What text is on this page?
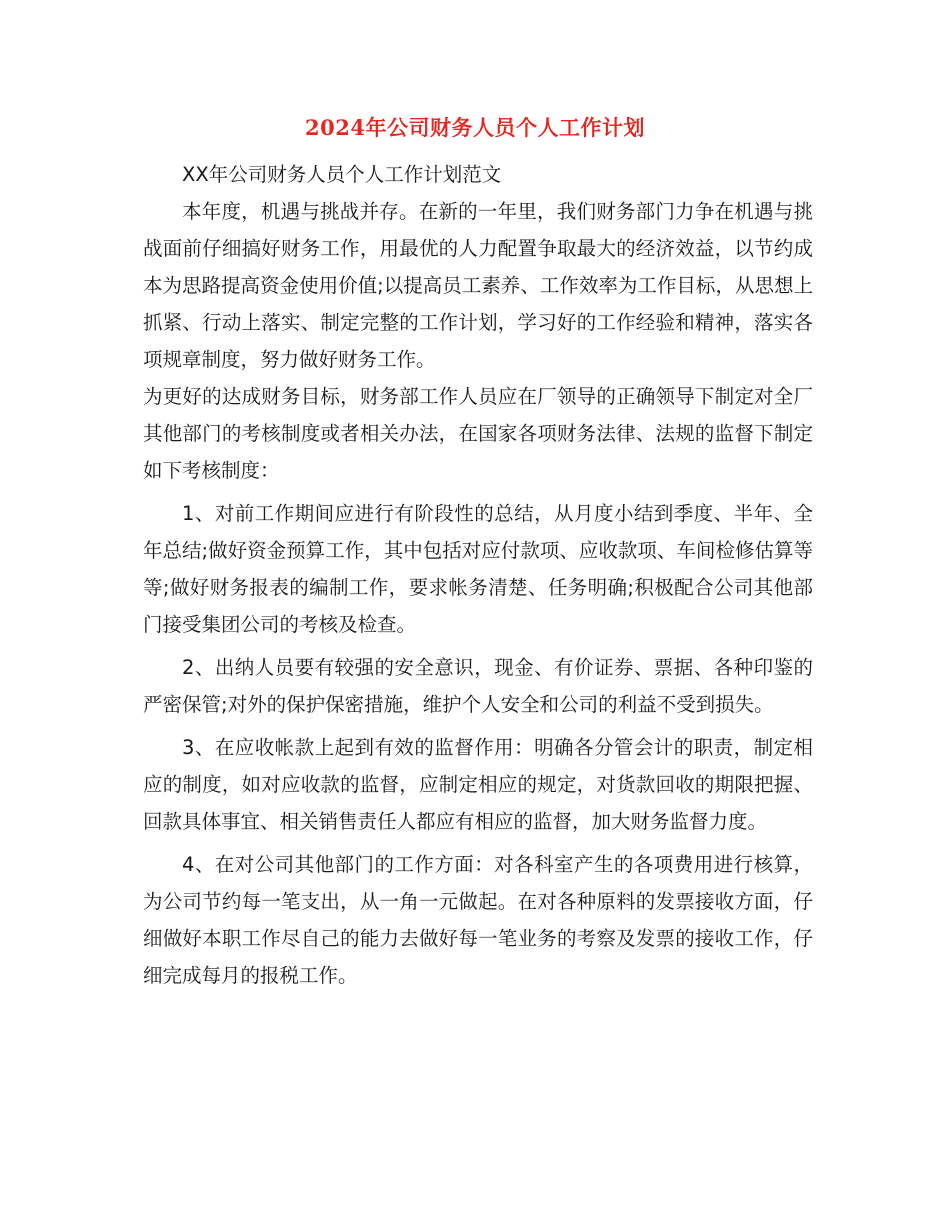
2024年公司财务人员个人工作计划

XX年公司财务人员个人工作计划范文

本年度，机遇与挑战并存。在新的一年里，我们财务部门力争在机遇与挑战面前仔细搞好财务工作，用最优的人力配置争取最大的经济效益，以节约成本为思路提高资金使用价值;以提高员工素养、工作效率为工作目标，从思想上抓紧、行动上落实、制定完整的工作计划，学习好的工作经验和精神，落实各项规章制度，努力做好财务工作。

为更好的达成财务目标，财务部工作人员应在厂领导的正确领导下制定对全厂其他部门的考核制度或者相关办法，在国家各项财务法律、法规的监督下制定如下考核制度：

1、对前工作期间应进行有阶段性的总结，从月度小结到季度、半年、全年总结;做好资金预算工作，其中包括对应付款项、应收款项、车间检修估算等等;做好财务报表的编制工作，要求帐务清楚、任务明确;积极配合公司其他部门接受集团公司的考核及检查。

2、出纳人员要有较强的安全意识，现金、有价证券、票据、各种印鉴的严密保管;对外的保护保密措施，维护个人安全和公司的利益不受到损失。

3、在应收帐款上起到有效的监督作用：明确各分管会计的职责，制定相应的制度，如对应收款的监督，应制定相应的规定，对货款回收的期限把握、回款具体事宜、相关销售责任人都应有相应的监督，加大财务监督力度。

4、在对公司其他部门的工作方面：对各科室产生的各项费用进行核算，为公司节约每一笔支出，从一角一元做起。在对各种原料的发票接收方面，仔细做好本职工作尽自己的能力去做好每一笔业务的考察及发票的接收工作，仔细完成每月的报税工作。
